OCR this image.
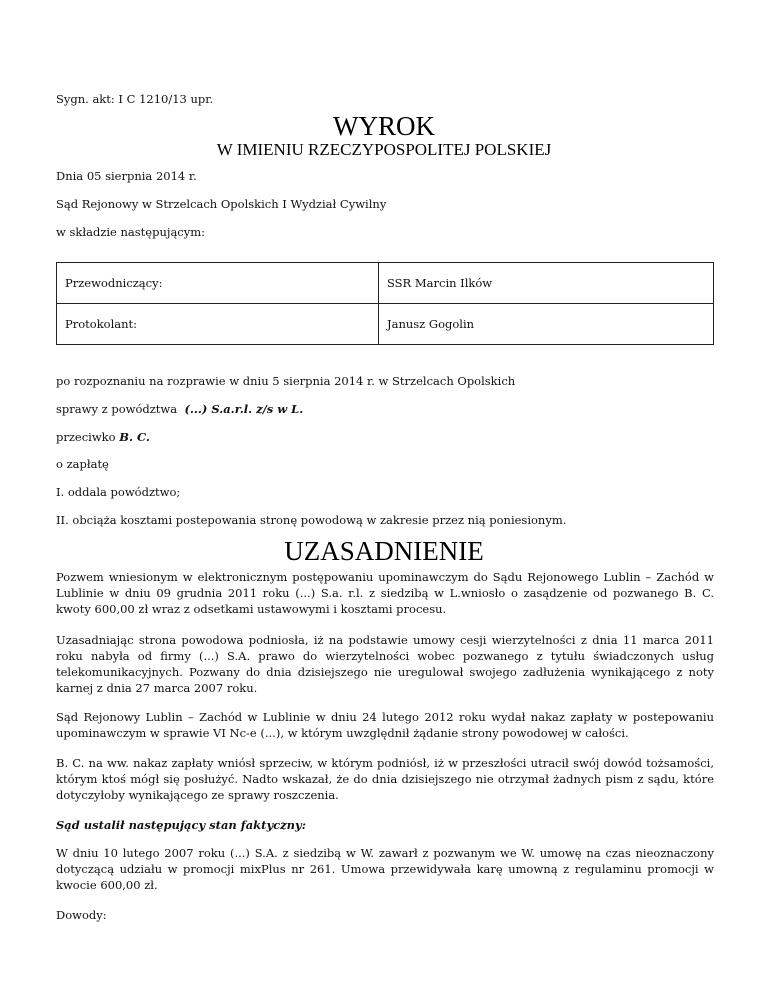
Sygn. akt: I C 1210/13 upr.

WYROK
W IMIENIU RZECZYPOSPOLITEJ POLSKIEJ

Dnia 05 sierpnia 2014 r.

Sąd Rejonowy w Strzelcach Opolskich I Wydział Cywilny

w składzie następującym:

Przewodniczący:	SSR Marcin Ilków
Protokolant:	Janusz Gogolin

po rozpoznaniu na rozprawie w dniu 5 sierpnia 2014 r. w Strzelcach Opolskich

sprawy z powództwa (...) S.a.r.l. z/s w L.

przeciwko B. C.

o zapłatę

I. oddala powództwo;

II. obciąża kosztami postepowania stronę powodową w zakresie przez nią poniesionym.

UZASADNIENIE

Pozwem wniesionym w elektronicznym postępowaniu upominawczym do Sądu Rejonowego Lublin – Zachód w Lublinie w dniu 09 grudnia 2011 roku (...) S.a. r.l. z siedzibą w L.wniosło o zasądzenie od pozwanego B. C. kwoty 600,00 zł wraz z odsetkami ustawowymi i kosztami procesu.

Uzasadniając strona powodowa podniosła, iż na podstawie umowy cesji wierzytelności z dnia 11 marca 2011 roku nabyła od firmy (...) S.A. prawo do wierzytelności wobec pozwanego z tytułu świadczonych usług telekomunikacyjnych. Pozwany do dnia dzisiejszego nie uregulował swojego zadłużenia wynikającego z noty karnej z dnia 27 marca 2007 roku.

Sąd Rejonowy Lublin – Zachód w Lublinie w dniu 24 lutego 2012 roku wydał nakaz zapłaty w postepowaniu upominawczym w sprawie VI Nc-e (...), w którym uwzględnił żądanie strony powodowej w całości.

B. C. na ww. nakaz zapłaty wniósł sprzeciw, w którym podniósł, iż w przeszłości utracił swój dowód tożsamości, którym ktoś mógł się posłużyć. Nadto wskazał, że do dnia dzisiejszego nie otrzymał żadnych pism z sądu, które dotyczyłoby wynikającego ze sprawy roszczenia.

Sąd ustalił następujący stan faktyczny:

W dniu 10 lutego 2007 roku (...) S.A. z siedzibą w W. zawarł z pozwanym we W. umowę na czas nieoznaczony dotyczącą udziału w promocji mixPlus nr 261. Umowa przewidywała karę umowną z regulaminu promocji w kwocie 600,00 zł.

Dowody:
